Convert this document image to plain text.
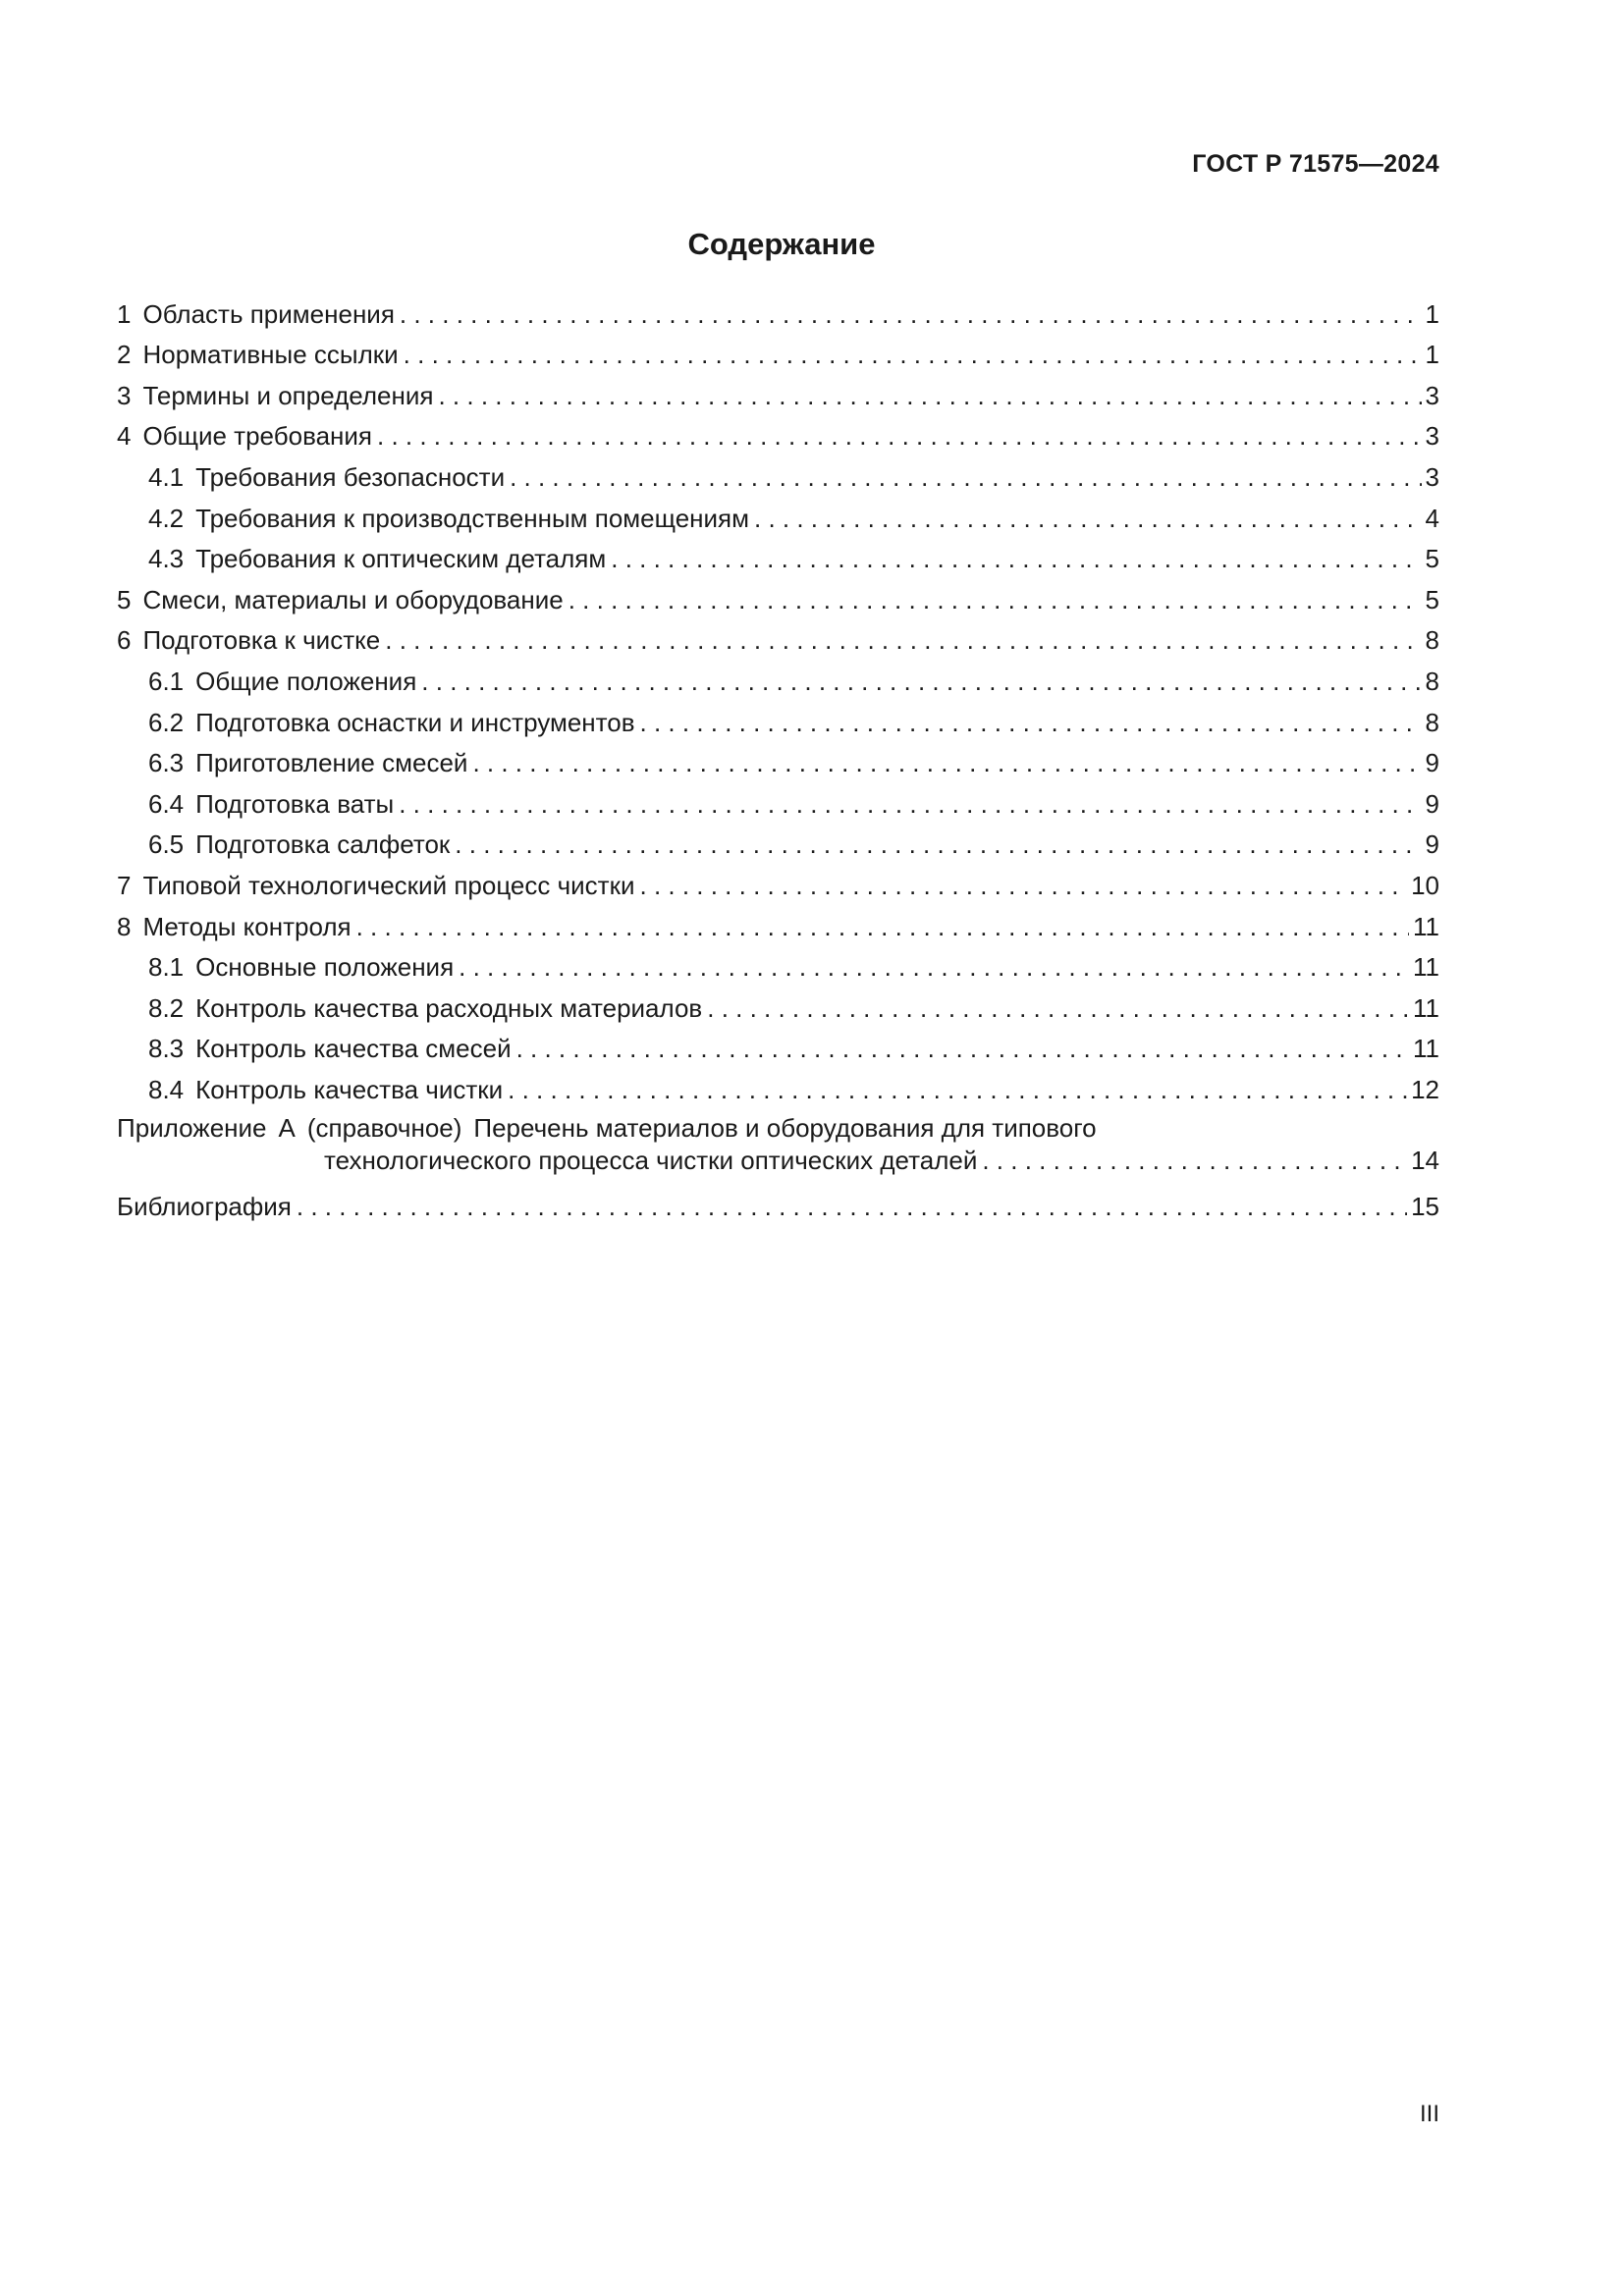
ГОСТ Р 71575—2024
Содержание
1 Область применения . . .	1
2 Нормативные ссылки . . .	1
3 Термины и определения . . .	3
4 Общие требования . . .	3
4.1 Требования безопасности . . .	3
4.2 Требования к производственным помещениям . . .	4
4.3 Требования к оптическим деталям . . .	5
5 Смеси, материалы и оборудование . . .	5
6 Подготовка к чистке . . .	8
6.1 Общие положения . . .	8
6.2 Подготовка оснастки и инструментов . . .	8
6.3 Приготовление смесей . . .	9
6.4 Подготовка ваты . . .	9
6.5 Подготовка салфеток . . .	9
7 Типовой технологический процесс чистки . . .	10
8 Методы контроля . . .	11
8.1 Основные положения . . .	11
8.2 Контроль качества расходных материалов . . .	11
8.3 Контроль качества смесей . . .	11
8.4 Контроль качества чистки . . .	12
Приложение А (справочное) Перечень материалов и оборудования для типового
технологического процесса чистки оптических деталей . . .	14
Библиография . . .	15
III
